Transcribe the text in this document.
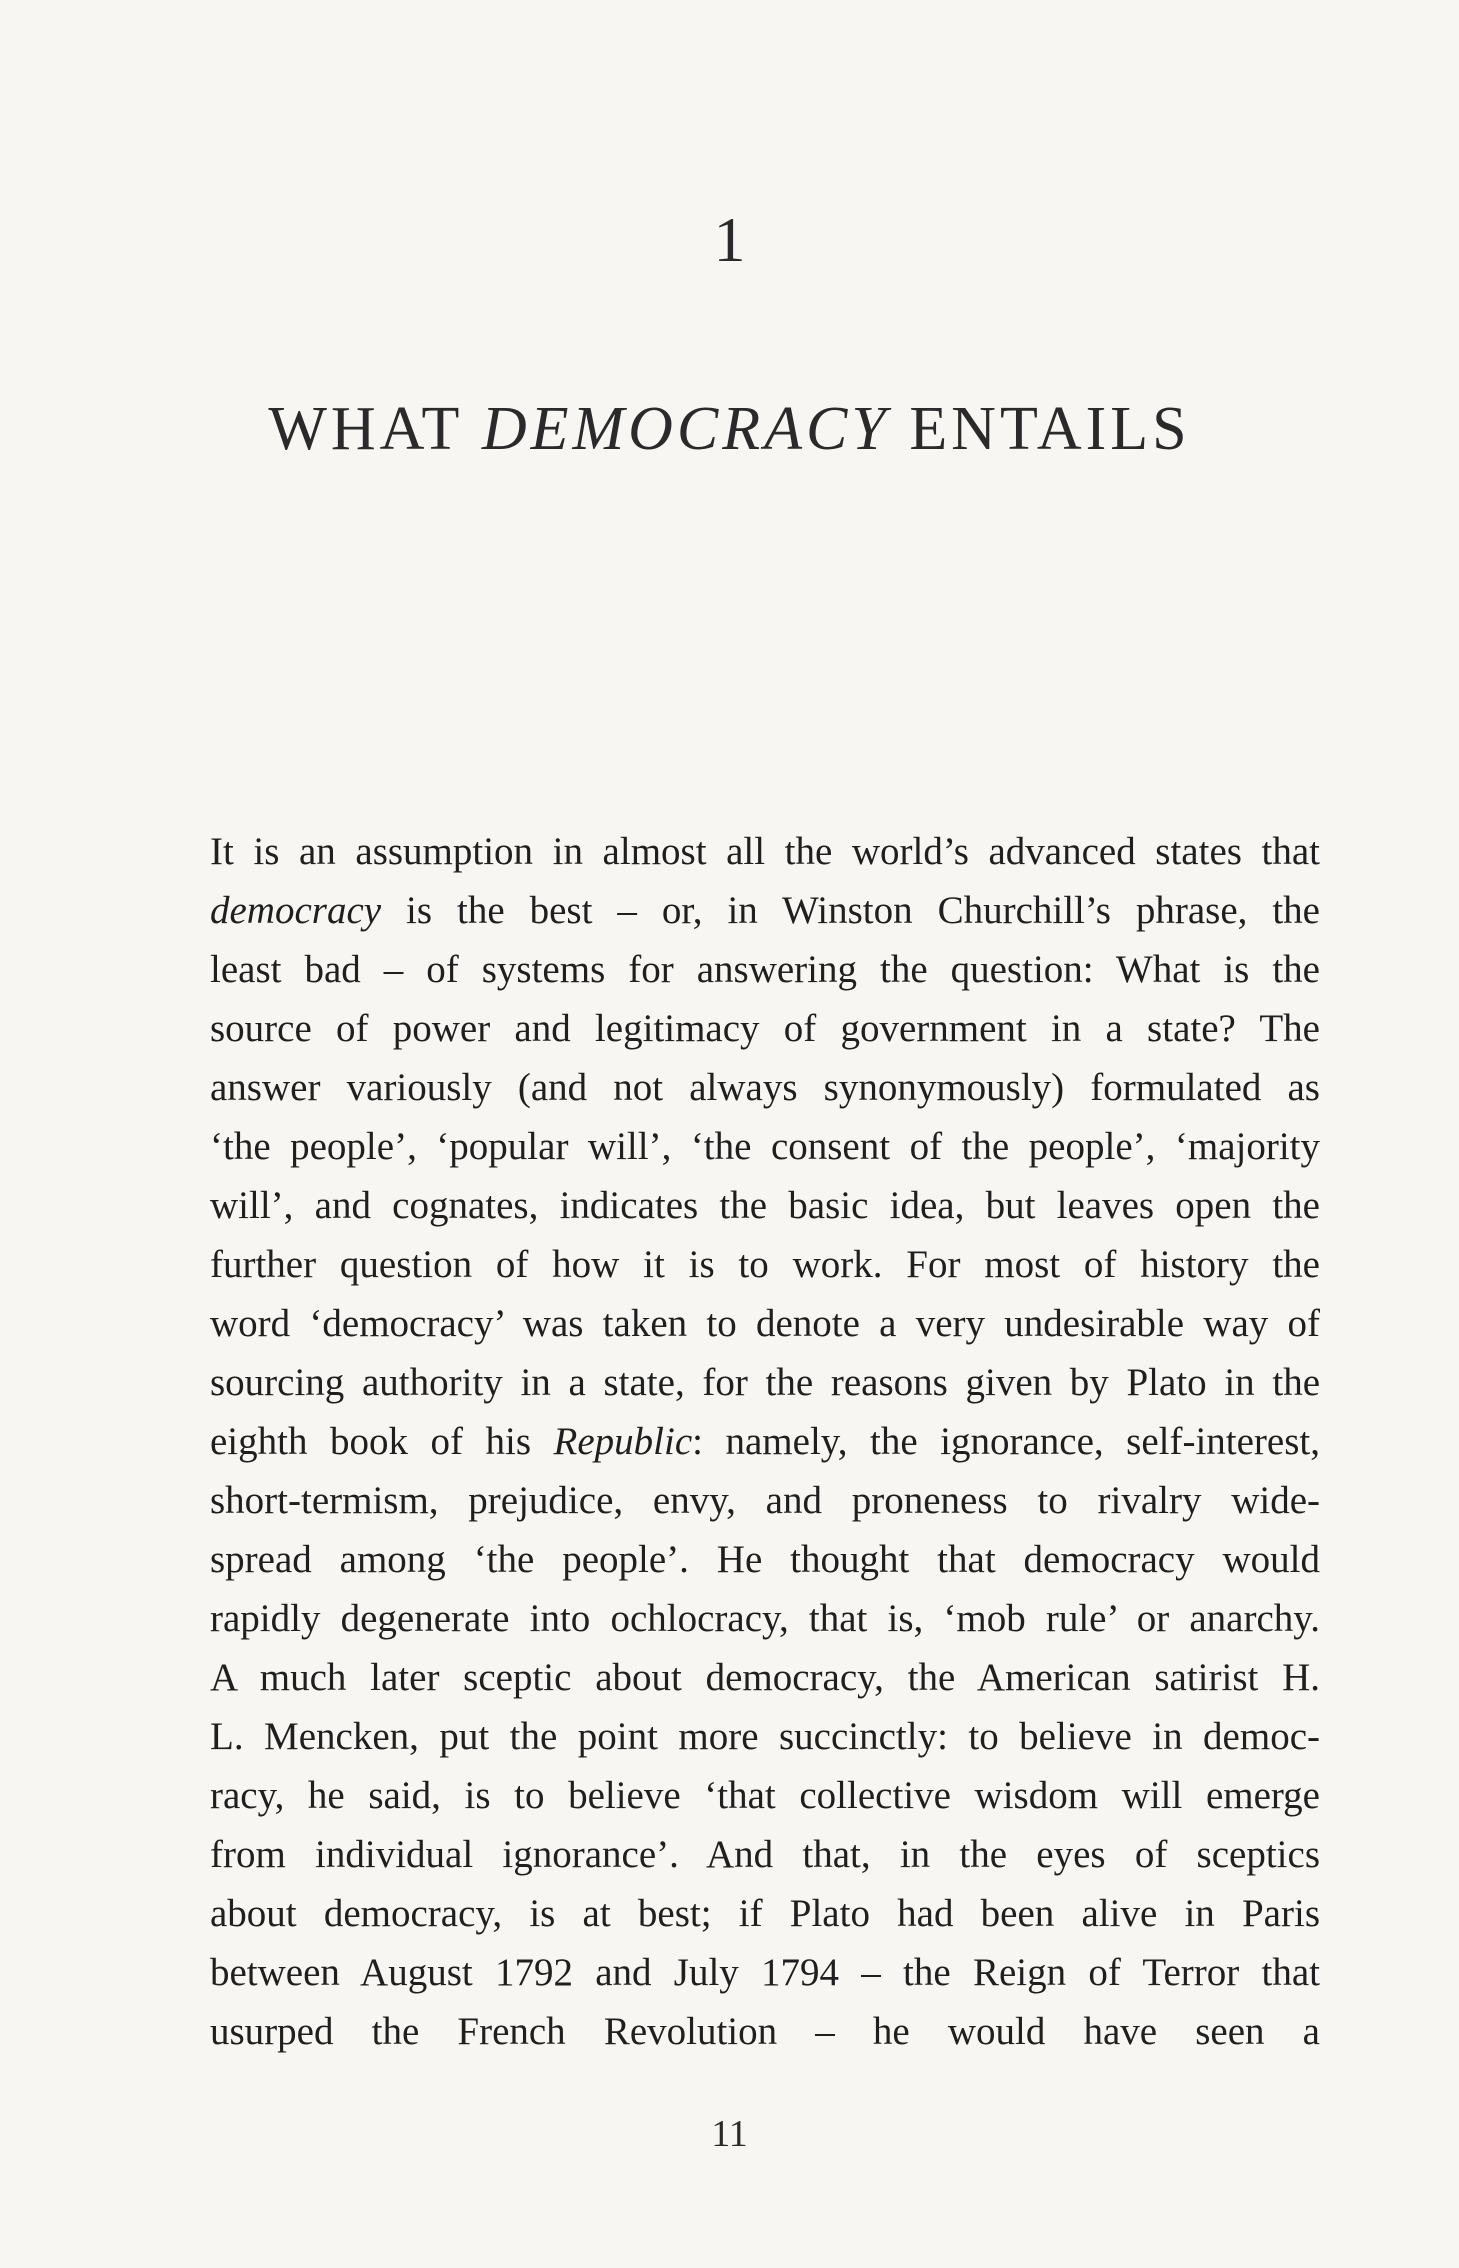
1
WHAT DEMOCRACY ENTAILS
It is an assumption in almost all the world’s advanced states that
democracy is the best – or, in Winston Churchill’s phrase, the
least bad – of systems for answering the question: What is the
source of power and legitimacy of government in a state? The
answer variously (and not always synonymously) formulated as
‘the people’, ‘popular will’, ‘the consent of the people’, ‘majority
will’, and cognates, indicates the basic idea, but leaves open the
further question of how it is to work. For most of history the
word ‘democracy’ was taken to denote a very undesirable way of
sourcing authority in a state, for the reasons given by Plato in the
eighth book of his Republic: namely, the ignorance, self-interest,
short-termism, prejudice, envy, and proneness to rivalry wide-
spread among ‘the people’. He thought that democracy would
rapidly degenerate into ochlocracy, that is, ‘mob rule’ or anarchy.
A much later sceptic about democracy, the American satirist H.
L. Mencken, put the point more succinctly: to believe in democ-
racy, he said, is to believe ‘that collective wisdom will emerge
from individual ignorance’. And that, in the eyes of sceptics
about democracy, is at best; if Plato had been alive in Paris
between August 1792 and July 1794 – the Reign of Terror that
usurped the French Revolution – he would have seen a
11
